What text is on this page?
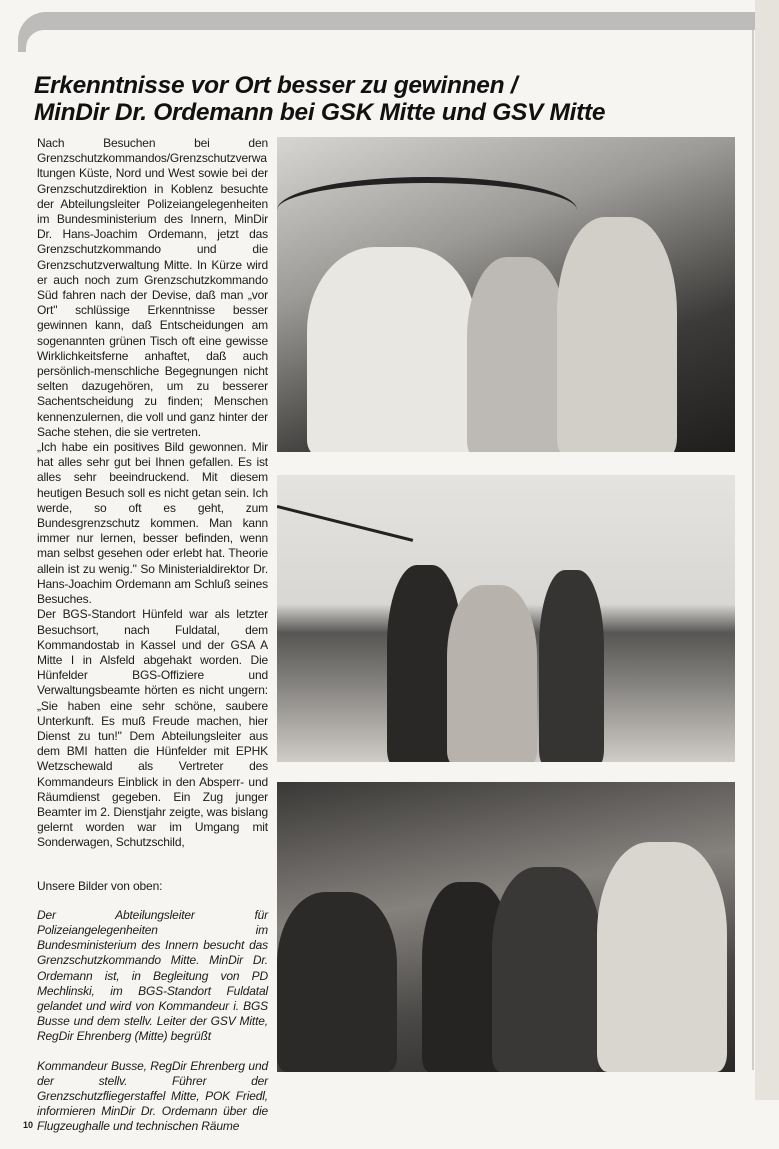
Erkenntnisse vor Ort besser zu gewinnen /
MinDir Dr. Ordemann bei GSK Mitte und GSV Mitte

Nach Besuchen bei den Grenzschutzkommandos/Grenzschutzverwaltungen Küste, Nord und West sowie bei der Grenzschutzdirektion in Koblenz besuchte der Abteilungsleiter Polizeiangelegenheiten im Bundesministerium des Innern, MinDir Dr. Hans-Joachim Ordemann, jetzt das Grenzschutzkommando und die Grenzschutzverwaltung Mitte. In Kürze wird er auch noch zum Grenzschutzkommando Süd fahren nach der Devise, daß man „vor Ort" schlüssige Erkenntnisse besser gewinnen kann, daß Entscheidungen am sogenannten grünen Tisch oft eine gewisse Wirklichkeitsferne anhaftet, daß auch persönlich-menschliche Begegnungen nicht selten dazugehören, um zu besserer Sachentscheidung zu finden; Menschen kennenzulernen, die voll und ganz hinter der Sache stehen, die sie vertreten.

„Ich habe ein positives Bild gewonnen. Mir hat alles sehr gut bei Ihnen gefallen. Es ist alles sehr beeindruckend. Mit diesem heutigen Besuch soll es nicht getan sein. Ich werde, so oft es geht, zum Bundesgrenzschutz kommen. Man kann immer nur lernen, besser befinden, wenn man selbst gesehen oder erlebt hat. Theorie allein ist zu wenig." So Ministerialdirektor Dr. Hans-Joachim Ordemann am Schluß seines Besuches.

Der BGS-Standort Hünfeld war als letzter Besuchsort, nach Fuldatal, dem Kommandostab in Kassel und der GSA A Mitte I in Alsfeld abgehakt worden. Die Hünfelder BGS-Offiziere und Verwaltungsbeamte hörten es nicht ungern: „Sie haben eine sehr schöne, saubere Unterkunft. Es muß Freude machen, hier Dienst zu tun!" Dem Abteilungsleiter aus dem BMI hatten die Hünfelder mit EPHK Wetzschewald als Vertreter des Kommandeurs Einblick in den Absperr- und Räumdienst gegeben. Ein Zug junger Beamter im 2. Dienstjahr zeigte, was bislang gelernt worden war im Umgang mit Sonderwagen, Schutzschild,

Unsere Bilder von oben:

Der Abteilungsleiter für Polizeiangelegenheiten im Bundesministerium des Innern besucht das Grenzschutzkommando Mitte. MinDir Dr. Ordemann ist, in Begleitung von PD Mechlinski, im BGS-Standort Fuldatal gelandet und wird von Kommandeur i. BGS Busse und dem stellv. Leiter der GSV Mitte, RegDir Ehrenberg (Mitte) begrüßt

Kommandeur Busse, RegDir Ehrenberg und der stellv. Führer der Grenzschutzfliegerstaffel Mitte, POK Friedl, informieren MinDir Dr. Ordemann über die Flugzeughalle und technischen Räume

10
